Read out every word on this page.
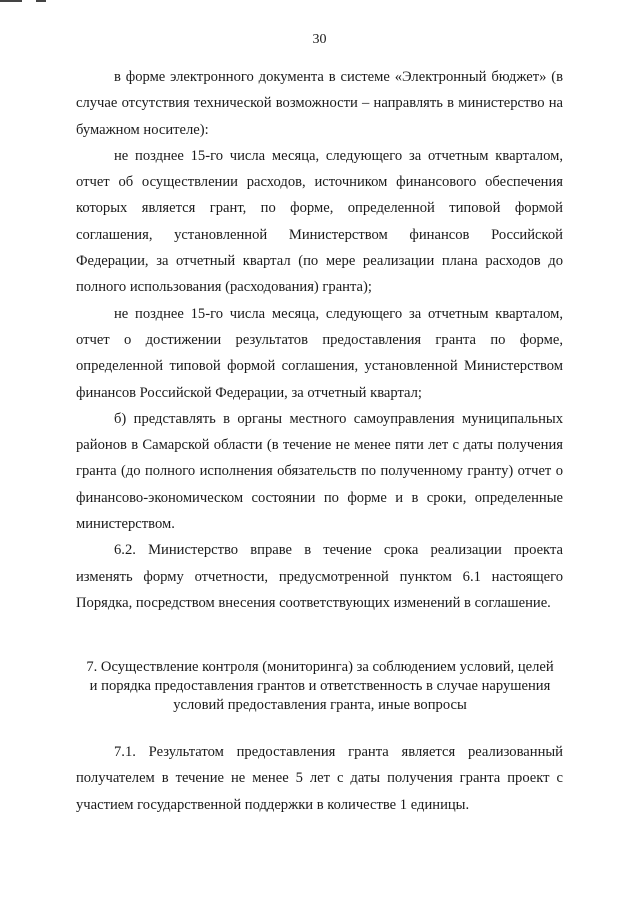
30

в форме электронного документа в системе «Электронный бюджет» (в случае отсутствия технической возможности – направлять в министерство на бумажном носителе):

не позднее 15-го числа месяца, следующего за отчетным кварталом, отчет об осуществлении расходов, источником финансового обеспечения которых является грант, по форме, определенной типовой формой соглашения, установленной Министерством финансов Российской Федерации, за отчетный квартал (по мере реализации плана расходов до полного использования (расходования) гранта);

не позднее 15-го числа месяца, следующего за отчетным кварталом, отчет о достижении результатов предоставления гранта по форме, определенной типовой формой соглашения, установленной Министерством финансов Российской Федерации, за отчетный квартал;

б) представлять в органы местного самоуправления муниципальных районов в Самарской области (в течение не менее пяти лет с даты получения гранта (до полного исполнения обязательств по полученному гранту) отчет о финансово-экономическом состоянии по форме и в сроки, определенные министерством.

6.2. Министерство вправе в течение срока реализации проекта изменять форму отчетности, предусмотренной пунктом 6.1 настоящего Порядка, посредством внесения соответствующих изменений в соглашение.

7. Осуществление контроля (мониторинга) за соблюдением условий, целей
и порядка предоставления грантов и ответственность в случае нарушения
условий предоставления гранта, иные вопросы

7.1. Результатом предоставления гранта является реализованный получателем в течение не менее 5 лет с даты получения гранта проект с участием государственной поддержки в количестве 1 единицы.
